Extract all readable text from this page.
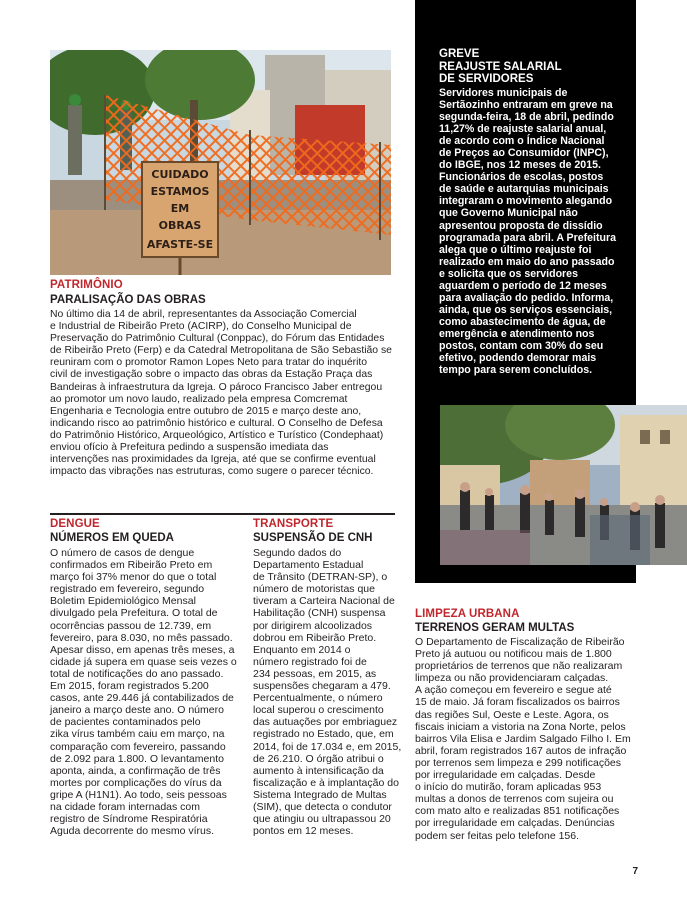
GREVE
REAJUSTE SALARIAL
DE SERVIDORES
Servidores municipais de
Sertãozinho entraram em greve na
segunda-feira, 18 de abril, pedindo
11,27% de reajuste salarial anual,
de acordo com o Índice Nacional
de Preços ao Consumidor (INPC),
do IBGE, nos 12 meses de 2015.
Funcionários de escolas, postos
de saúde e autarquias municipais
integraram o movimento alegando
que Governo Municipal não
apresentou proposta de dissídio
programada para abril. A Prefeitura
alega que o último reajuste foi
realizado em maio do ano passado
e solicita que os servidores
aguardem o período de 12 meses
para avaliação do pedido. Informa,
ainda, que os serviços essenciais,
como abastecimento de água, de
emergência e atendimento nos
postos, contam com 30% do seu
efetivo, podendo demorar mais
tempo para serem concluídos.
CUIDADO
ESTAMOS
EM
OBRAS
AFASTE-SE
PATRIMÔNIO
PARALISAÇÃO DAS OBRAS
No último dia 14 de abril, representantes da Associação Comercial
e Industrial de Ribeirão Preto (ACIRP), do Conselho Municipal de
Preservação do Patrimônio Cultural (Conppac), do Fórum das Entidades
de Ribeirão Preto (Ferp) e da Catedral Metropolitana de São Sebastião se
reuniram com o promotor Ramon Lopes Neto para tratar do inquérito
civil de investigação sobre o impacto das obras da Estação Praça das
Bandeiras à infraestrutura da Igreja. O pároco Francisco Jaber entregou
ao promotor um novo laudo, realizado pela empresa Comcremat
Engenharia e Tecnologia entre outubro de 2015 e março deste ano,
indicando risco ao patrimônio histórico e cultural. O Conselho de Defesa
do Patrimônio Histórico, Arqueológico, Artístico e Turístico (Condephaat)
enviou ofício à Prefeitura pedindo a suspensão imediata das
intervenções nas proximidades da Igreja, até que se confirme eventual
impacto das vibrações nas estruturas, como sugere o parecer técnico.
DENGUE
NÚMEROS EM QUEDA
O número de casos de dengue
confirmados em Ribeirão Preto em
março foi 37% menor do que o total
registrado em fevereiro, segundo
Boletim Epidemiológico Mensal
divulgado pela Prefeitura. O total de
ocorrências passou de 12.739, em
fevereiro, para 8.030, no mês passado.
Apesar disso, em apenas três meses, a
cidade já supera em quase seis vezes o
total de notificações do ano passado.
Em 2015, foram registrados 5.200
casos, ante 29.446 já contabilizados de
janeiro a março deste ano. O número
de pacientes contaminados pelo
zika vírus também caiu em março, na
comparação com fevereiro, passando
de 2.092 para 1.800. O levantamento
aponta, ainda, a confirmação de três
mortes por complicações do vírus da
gripe A (H1N1). Ao todo, seis pessoas
na cidade foram internadas com
registro de Síndrome Respiratória
Aguda decorrente do mesmo vírus.
TRANSPORTE
SUSPENSÃO DE CNH
Segundo dados do
Departamento Estadual
de Trânsito (DETRAN-SP), o
número de motoristas que
tiveram a Carteira Nacional de
Habilitação (CNH) suspensa
por dirigirem alcoolizados
dobrou em Ribeirão Preto.
Enquanto em 2014 o
número registrado foi de
234 pessoas, em 2015, as
suspensões chegaram a 479.
Percentualmente, o número
local superou o crescimento
das autuações por embriaguez
registrado no Estado, que, em
2014, foi de 17.034 e, em 2015,
de 26.210. O órgão atribui o
aumento à intensificação da
fiscalização e à implantação do
Sistema Integrado de Multas
(SIM), que detecta o condutor
que atingiu ou ultrapassou 20
pontos em 12 meses.
LIMPEZA URBANA
TERRENOS GERAM MULTAS
O Departamento de Fiscalização de Ribeirão
Preto já autuou ou notificou mais de 1.800
proprietários de terrenos que não realizaram
limpeza ou não providenciaram calçadas.
A ação começou em fevereiro e segue até
15 de maio. Já foram fiscalizados os bairros
das regiões Sul, Oeste e Leste. Agora, os
fiscais iniciam a vistoria na Zona Norte, pelos
bairros Vila Elisa e Jardim Salgado Filho I. Em
abril, foram registrados 167 autos de infração
por terrenos sem limpeza e 299 notificações
por irregularidade em calçadas. Desde
o início do mutirão, foram aplicadas 953
multas a donos de terrenos com sujeira ou
com mato alto e realizadas 851 notificações
por irregularidade em calçadas. Denúncias
podem ser feitas pelo telefone 156.
7
